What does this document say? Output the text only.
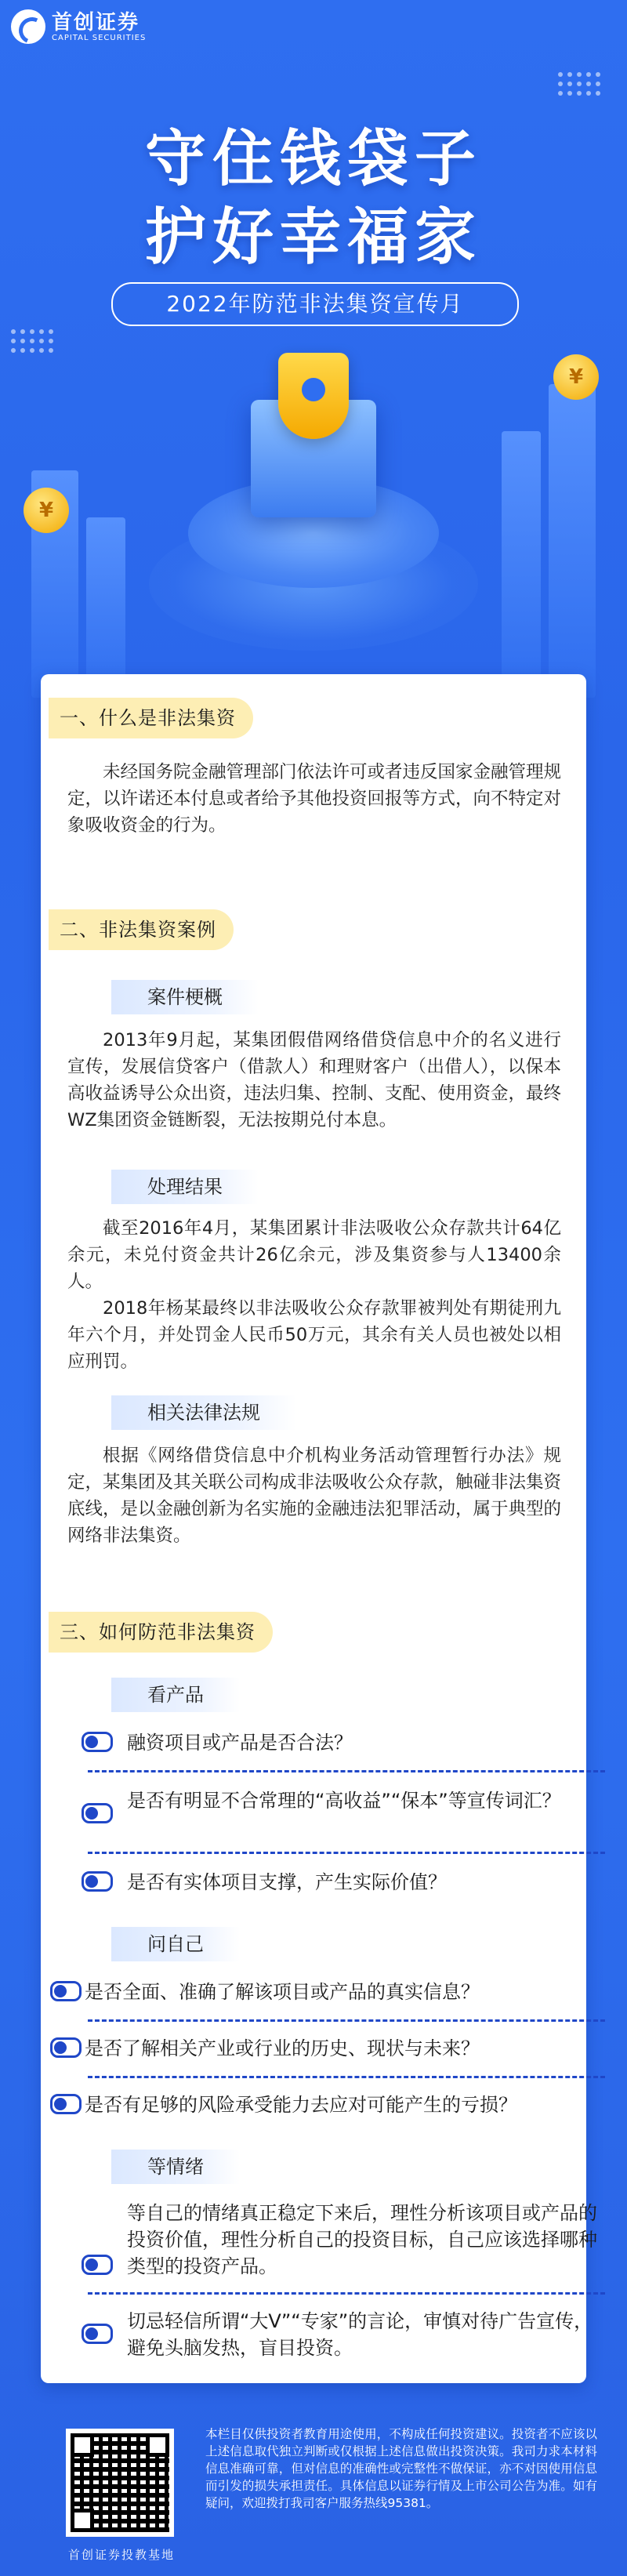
首创证券
CAPITAL SECURITIES
守住钱袋子
护好幸福家
2022年防范非法集资宣传月
¥
¥
一、什么是非法集资
未经国务院金融管理部门依法许可或者违反国家金融管理规定，以许诺还本付息或者给予其他投资回报等方式，向不特定对象吸收资金的行为。
二、非法集资案例
案件梗概
2013年9月起，某集团假借网络借贷信息中介的名义进行宣传，发展信贷客户（借款人）和理财客户（出借人），以保本高收益诱导公众出资，违法归集、控制、支配、使用资金，最终WZ集团资金链断裂，无法按期兑付本息。
处理结果
截至2016年4月，某集团累计非法吸收公众存款共计64亿余元，未兑付资金共计26亿余元，涉及集资参与人13400余人。
2018年杨某最终以非法吸收公众存款罪被判处有期徒刑九年六个月，并处罚金人民币50万元，其余有关人员也被处以相应刑罚。
相关法律法规
根据《网络借贷信息中介机构业务活动管理暂行办法》规定，某集团及其关联公司构成非法吸收公众存款，触碰非法集资底线，是以金融创新为名实施的金融违法犯罪活动，属于典型的网络非法集资。
三、如何防范非法集资
看产品
融资项目或产品是否合法？
是否有明显不合常理的“高收益”“保本”等宣传词汇？
是否有实体项目支撑，产生实际价值？
问自己
是否全面、准确了解该项目或产品的真实信息？
是否了解相关产业或行业的历史、现状与未来？
是否有足够的风险承受能力去应对可能产生的亏损？
等情绪
等自己的情绪真正稳定下来后，理性分析该项目或产品的投资价值，理性分析自己的投资目标，自己应该选择哪种类型的投资产品。
切忌轻信所谓“大V”“专家”的言论，审慎对待广告宣传，避免头脑发热，盲目投资。
首创证券投教基地
本栏目仅供投资者教育用途使用，不构成任何投资建议。投资者不应该以上述信息取代独立判断或仅根据上述信息做出投资决策。我司力求本材料信息准确可靠，但对信息的准确性或完整性不做保证，亦不对因使用信息而引发的损失承担责任。具体信息以证券行情及上市公司公告为准。如有疑问，欢迎拨打我司客户服务热线95381。
